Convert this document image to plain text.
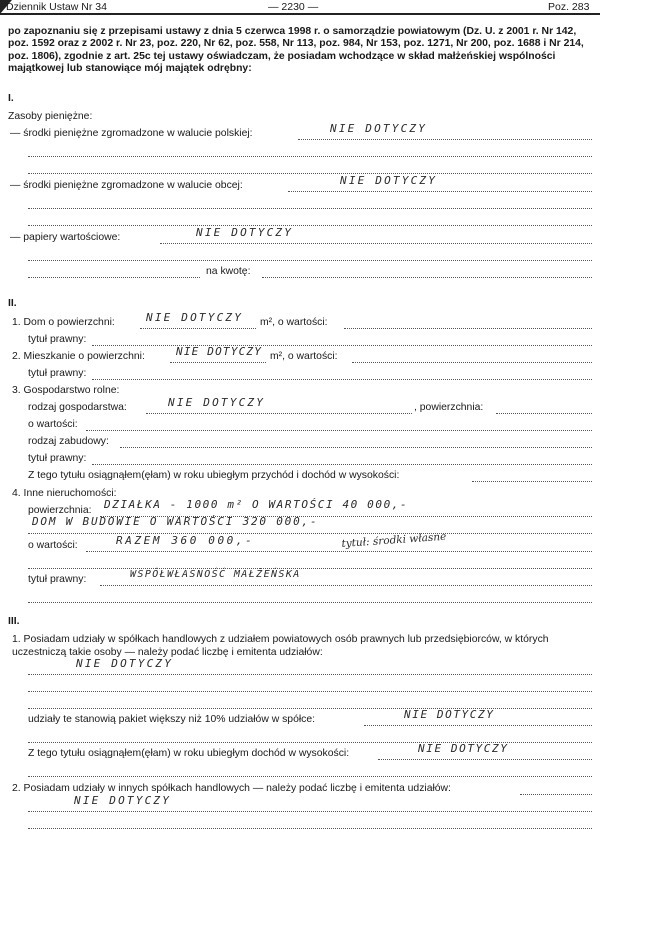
Dziennik Ustaw Nr 34	— 2230 —	Poz. 283
po zapoznaniu się z przepisami ustawy z dnia 5 czerwca 1998 r. o samorządzie powiatowym (Dz. U. z 2001 r. Nr 142, poz. 1592 oraz z 2002 r. Nr 23, poz. 220, Nr 62, poz. 558, Nr 113, poz. 984, Nr 153, poz. 1271, Nr 200, poz. 1688 i Nr 214, poz. 1806), zgodnie z art. 25c tej ustawy oświadczam, że posiadam wchodzące w skład małżeńskiej wspólności majątkowej lub stanowiące mój majątek odrębny:
I.
Zasoby pieniężne:
— środki pieniężne zgromadzone w walucie polskiej:	NIE DOTYCZY
— środki pieniężne zgromadzone w walucie obcej:	NIE DOTYCZY
— papiery wartościowe:	NIE DOTYCZY
na kwotę:
II.
1. Dom o powierzchni:	NIE DOTYCZY m², o wartości:
tytuł prawny:
2. Mieszkanie o powierzchni:	NIE DOTYCZY m², o wartości:
tytuł prawny:
3. Gospodarstwo rolne:
rodzaj gospodarstwa:	NIE DOTYCZY	, powierzchnia:
o wartości:
rodzaj zabudowy:
tytuł prawny:
Z tego tytułu osiągnąłem(ęłam) w roku ubiegłym przychód i dochód w wysokości:
4. Inne nieruchomości:
powierzchnia: DZIAŁKA - 1000 m² O WARTOŚCI 40 000,-
DOM W BUDOWIE O WARTOŚCI 320 000,-
o wartości:	RAZEM 360 000,-	tytuł: środki własne
tytuł prawny:	WSPÓŁWŁASNOŚĆ MAŁŻEŃSKA
III.
1. Posiadam udziały w spółkach handlowych z udziałem powiatowych osób prawnych lub przedsiębiorców, w których uczestniczą takie osoby — należy podać liczbę i emitenta udziałów:
NIE DOTYCZY
udziały te stanowią pakiet większy niż 10% udziałów w spółce:	NIE DOTYCZY
Z tego tytułu osiągnąłem(ęłam) w roku ubiegłym dochód w wysokości:	NIE DOTYCZY
2. Posiadam udziały w innych spółkach handlowych — należy podać liczbę i emitenta udziałów:
NIE DOTYCZY
